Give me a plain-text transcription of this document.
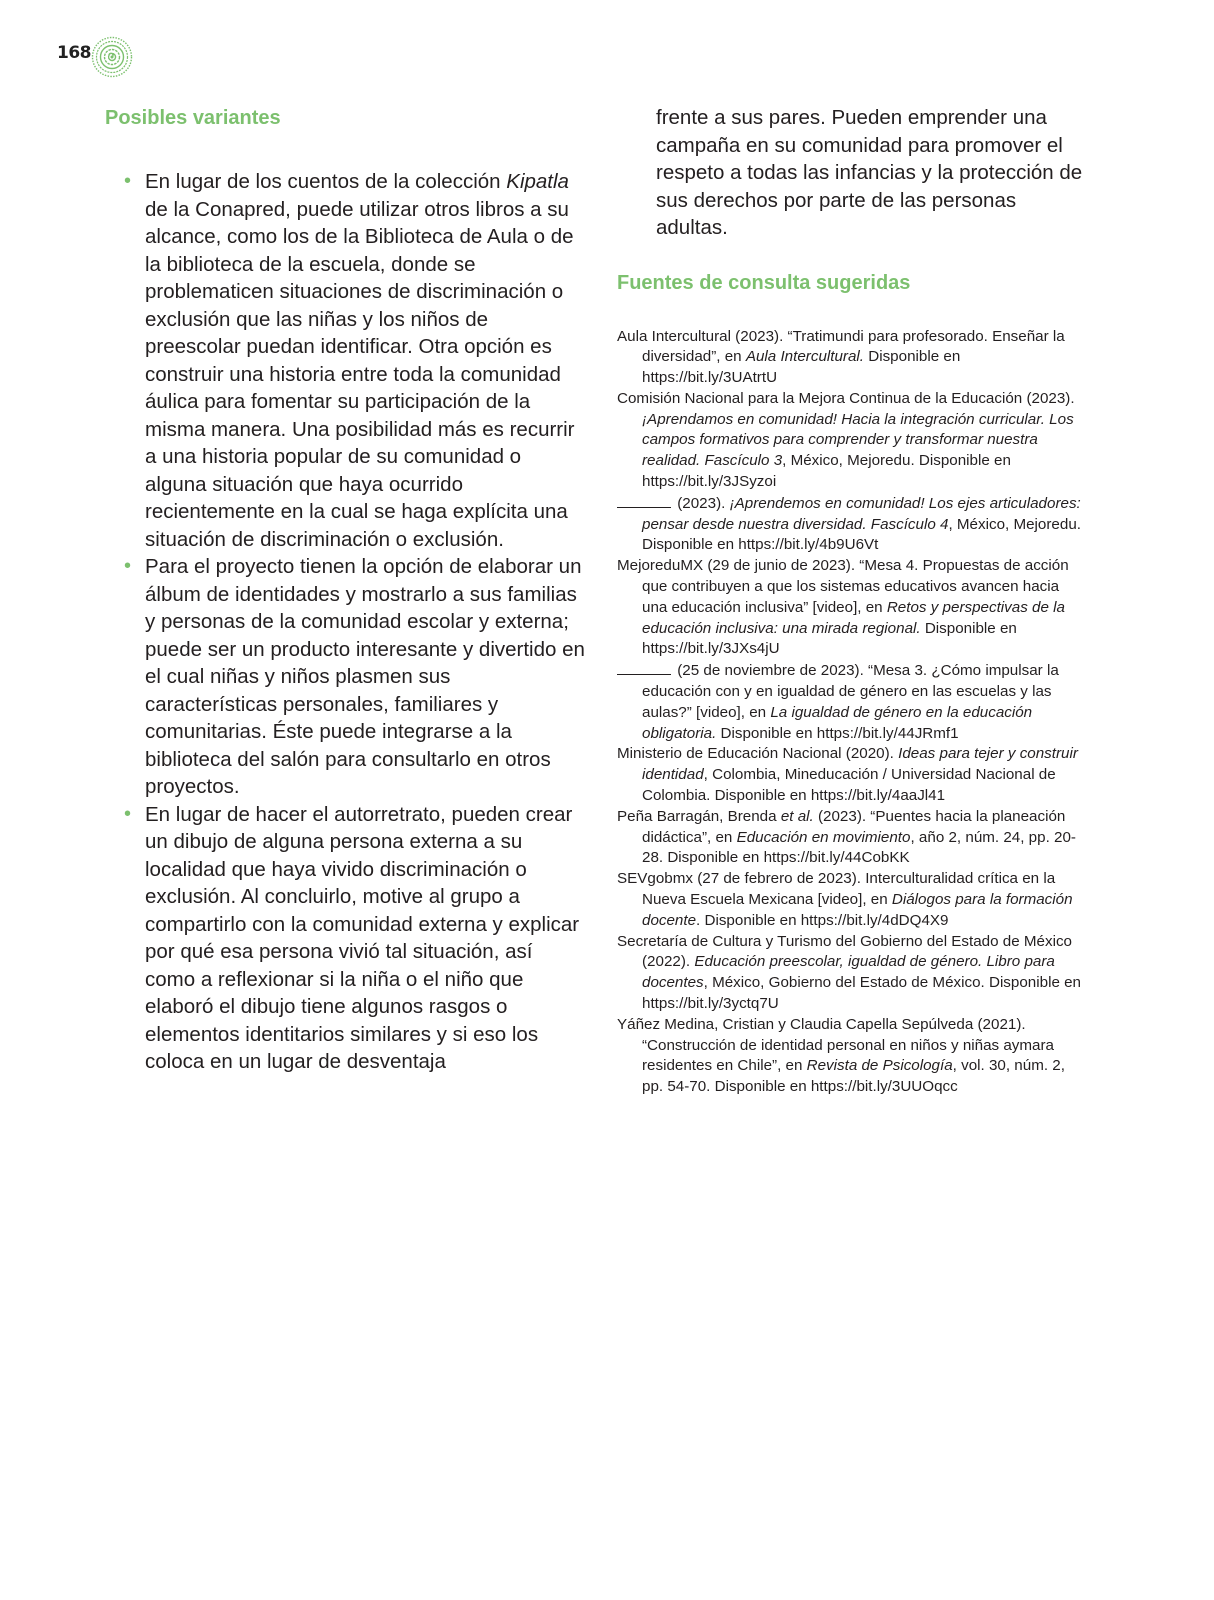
168
Posibles variantes
• En lugar de los cuentos de la colección Kipatla de la Conapred, puede utilizar otros libros a su alcance, como los de la Biblioteca de Aula o de la biblioteca de la escuela, donde se problematicen situaciones de discriminación o exclusión que las niñas y los niños de preescolar puedan identificar. Otra opción es construir una historia entre toda la comunidad áulica para fomentar su participación de la misma manera. Una posibilidad más es recurrir a una historia popular de su comunidad o alguna situación que haya ocurrido recientemente en la cual se haga explícita una situación de discriminación o exclusión.
• Para el proyecto tienen la opción de elaborar un álbum de identidades y mostrarlo a sus familias y personas de la comunidad escolar y externa; puede ser un producto interesante y divertido en el cual niñas y niños plasmen sus características personales, familiares y comunitarias. Éste puede integrarse a la biblioteca del salón para consultarlo en otros proyectos.
• En lugar de hacer el autorretrato, pueden crear un dibujo de alguna persona externa a su localidad que haya vivido discriminación o exclusión. Al concluirlo, motive al grupo a compartirlo con la comunidad externa y explicar por qué esa persona vivió tal situación, así como a reflexionar si la niña o el niño que elaboró el dibujo tiene algunos rasgos o elementos identitarios similares y si eso los coloca en un lugar de desventaja

frente a sus pares. Pueden emprender una campaña en su comunidad para promover el respeto a todas las infancias y la protección de sus derechos por parte de las personas adultas.

Fuentes de consulta sugeridas

Aula Intercultural (2023). “Tratimundi para profesorado. Enseñar la diversidad”, en Aula Intercultural. Disponible en https://bit.ly/3UAtrtU

Comisión Nacional para la Mejora Continua de la Educación (2023). ¡Aprendamos en comunidad! Hacia la integración curricular. Los campos formativos para comprender y transformar nuestra realidad. Fascículo 3, México, Mejoredu. Disponible en https://bit.ly/3JSyzoi

(2023). ¡Aprendemos en comunidad! Los ejes articuladores: pensar desde nuestra diversidad. Fascículo 4, México, Mejoredu. Disponible en https://bit.ly/4b9U6Vt

MejoreduMX (29 de junio de 2023). “Mesa 4. Propuestas de acción que contribuyen a que los sistemas educativos avancen hacia una educación inclusiva” [video], en Retos y perspectivas de la educación inclusiva: una mirada regional. Disponible en https://bit.ly/3JXs4jU

(25 de noviembre de 2023). “Mesa 3. ¿Cómo impulsar la educación con y en igualdad de género en las escuelas y las aulas?” [video], en La igualdad de género en la educación obligatoria. Disponible en https://bit.ly/44JRmf1

Ministerio de Educación Nacional (2020). Ideas para tejer y construir identidad, Colombia, Mineducación / Universidad Nacional de Colombia. Disponible en https://bit.ly/4aaJl41

Peña Barragán, Brenda et al. (2023). “Puentes hacia la planeación didáctica”, en Educación en movimiento, año 2, núm. 24, pp. 20-28. Disponible en https://bit.ly/44CobKK

SEVgobmx (27 de febrero de 2023). Interculturalidad crítica en la Nueva Escuela Mexicana [video], en Diálogos para la formación docente. Disponible en https://bit.ly/4dDQ4X9

Secretaría de Cultura y Turismo del Gobierno del Estado de México (2022). Educación preescolar, igualdad de género. Libro para docentes, México, Gobierno del Estado de México. Disponible en https://bit.ly/3yctq7U

Yáñez Medina, Cristian y Claudia Capella Sepúlveda (2021). “Construcción de identidad personal en niños y niñas aymara residentes en Chile”, en Revista de Psicología, vol. 30, núm. 2, pp. 54-70. Disponible en https://bit.ly/3UUOqcc
